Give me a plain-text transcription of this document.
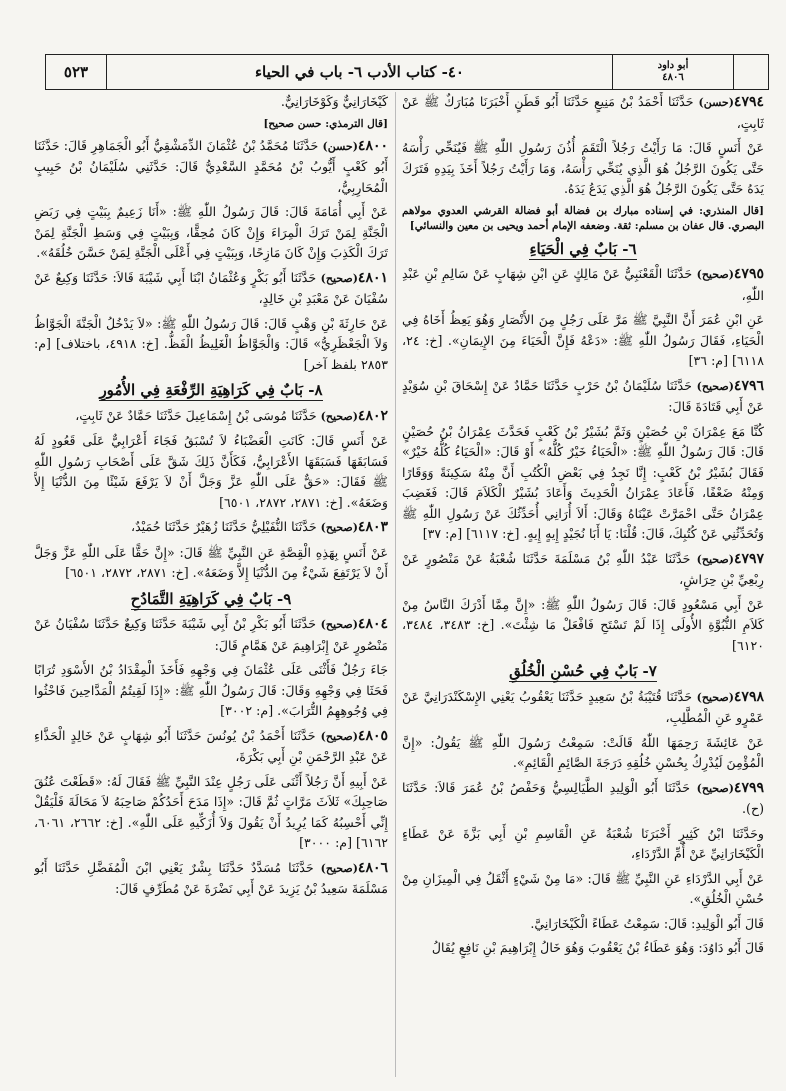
٥٢٣	٤٠- كتاب الأدب ٦- باب في الحياء	أبو داود
٤٨٠٦

٤٧٩٤(حسن) حَدَّثَنَا أَحْمَدُ بْنُ مَنِيعٍ حَدَّثَنَا أَبُو قَطَنٍ أَخْبَرَنَا مُبَارَكٌ ﷺ عَنْ ثَابِتٍ،

عَنْ أَنَسٍ قَالَ: مَا رَأَيْتُ رَجُلاً الْتَقَمَ أُذُنَ رَسُولِ اللّٰهِ ﷺ فَيُنَحِّي رَأْسَهُ حَتَّى يَكُونَ الرَّجُلُ هُوَ الَّذِي يُنَحِّي رَأْسَهُ، وَمَا رَأَيْتُ رَجُلاً أَخَذَ بِيَدِهِ فَتَرَكَ يَدَهُ حَتَّى يَكُونَ الرَّجُلُ هُوَ الَّذِي يَدَعُ يَدَهُ.

[قال المنذري: في إسناده مبارك بن فضالة أبو فضالة القرشي العدوي مولاهم البصري. قال عفان بن مسلم: ثقة. وضعفه الإمام أحمد ويحيى بن معين والنسائي]
٦- بَابٌ فِي الْحَيَاءِ

٤٧٩٥(صحيح) حَدَّثَنَا الْقَعْنَبِيُّ عَنْ مَالِكٍ عَنِ ابْنِ شِهَابٍ عَنْ سَالِمِ بْنِ عَبْدِ اللّٰهِ،

عَنِ ابْنِ عُمَرَ أَنَّ النَّبِيَّ ﷺ مَرَّ عَلَى رَجُلٍ مِنَ الأَنْصَارِ وَهُوَ يَعِظُ أَخَاهُ فِي الْحَيَاءِ، فَقَالَ رَسُولُ اللّٰهِ ﷺ: «دَعْهُ فَإِنَّ الْحَيَاءَ مِنَ الإِيمَانِ». [خ: ٢٤، ٦١١٨] [م: ٣٦]

٤٧٩٦(صحيح) حَدَّثَنَا سُلَيْمَانُ بْنُ حَرْبٍ حَدَّثَنَا حَمَّادٌ عَنْ إِسْحَاقَ بْنِ سُوَيْدٍ عَنْ أَبِي قَتَادَةَ قَالَ:

كُنَّا مَعَ عِمْرَانَ بْنِ حُصَيْنٍ وَثَمَّ بُشَيْرُ بْنُ كَعْبٍ فَحَدَّثَ عِمْرَانُ بْنُ حُصَيْنٍ قَالَ: قَالَ رَسُولُ اللّٰهِ ﷺ: «الْحَيَاءُ خَيْرٌ كُلُّهُ» أَوْ قَالَ: «الْحَيَاءُ كُلُّهُ خَيْرٌ» فَقَالَ بُشَيْرُ بْنُ كَعْبٍ: إِنَّا نَجِدُ فِي بَعْضِ الْكُتُبِ أَنَّ مِنْهُ سَكِينَةً وَوَقَارًا وَمِنْهُ ضَعْفًا، فَأَعَادَ عِمْرَانُ الْحَدِيثَ وَأَعَادَ بُشَيْرٌ الْكَلاَمَ قَالَ: فَغَضِبَ عِمْرَانُ حَتَّى احْمَرَّتْ عَيْنَاهُ وَقَالَ: أَلاَ أُرَانِي أُحَدِّثُكَ عَنْ رَسُولِ اللّٰهِ ﷺ وَتُحَدِّثُنِي عَنْ كُتُبِكَ، قَالَ: قُلْنَا: يَا أَبَا نُجَيْدٍ إِيهٍ إِيهٍ. [خ: ٦١١٧] [م: ٣٧]

٤٧٩٧(صحيح) حَدَّثَنَا عَبْدُ اللّٰهِ بْنُ مَسْلَمَةَ حَدَّثَنَا شُعْبَةُ عَنْ مَنْصُورٍ عَنْ رِبْعِيِّ بْنِ حِرَاشٍ،

عَنْ أَبِي مَسْعُودٍ قَالَ: قَالَ رَسُولُ اللّٰهِ ﷺ: «إِنَّ مِمَّا أَدْرَكَ النَّاسُ مِنْ كَلاَمِ النُّبُوَّةِ الأُولَى إِذَا لَمْ تَسْتَحِ فَافْعَلْ مَا شِئْتَ». [خ: ٣٤٨٣، ٣٤٨٤، ٦١٢٠]

٧- بَابٌ فِي حُسْنِ الْخُلُقِ

٤٧٩٨(صحيح) حَدَّثَنَا قُتَيْبَةُ بْنُ سَعِيدٍ حَدَّثَنَا يَعْقُوبُ يَعْنِي الإِسْكَنْدَرَانِيَّ عَنْ عَمْرٍو عَنِ الْمُطَّلِبِ،

عَنْ عَائِشَةَ رَحِمَهَا اللّٰهُ قَالَتْ: سَمِعْتُ رَسُولَ اللّٰهِ ﷺ يَقُولُ: «إِنَّ الْمُؤْمِنَ لَيُدْرِكُ بِحُسْنِ خُلُقِهِ دَرَجَةَ الصَّائِمِ الْقَائِمِ».

٤٧٩٩(صحيح) حَدَّثَنَا أَبُو الْوَلِيدِ الطَّيَالِسِيُّ وَحَفْصُ بْنُ عُمَرَ قَالاَ: حَدَّثَنَا (ح).

وحَدَّثَنَا ابْنُ كَثِيرٍ أَخْبَرَنَا شُعْبَةُ عَنِ الْقَاسِمِ بْنِ أَبِي بَزَّةَ عَنْ عَطَاءٍ الْكَيْخَارَانِيِّ عَنْ أُمِّ الدَّرْدَاءِ،

عَنْ أَبِي الدَّرْدَاءِ عَنِ النَّبِيِّ ﷺ قَالَ: «مَا مِنْ شَيْءٍ أَثْقَلُ فِي الْمِيزَانِ مِنْ حُسْنِ الْخُلُقِ».

قَالَ أَبُو الْوَلِيدِ: قَالَ: سَمِعْتُ عَطَاءً الْكَيْخَارَانِيَّ.

قَالَ أَبُو دَاوُدَ: وَهُوَ عَطَاءُ بْنُ يَعْقُوبَ وَهُوَ خَالُ إِبْرَاهِيمَ بْنِ نَافِعٍ يُقَالُ

كَيْخَارَانِيٌّ وَكَوْخَارَانِيٌّ.

[قال الترمذي: حسن صحيح]

٤٨٠٠(حسن) حَدَّثَنَا مُحَمَّدُ بْنُ عُثْمَانَ الدِّمَشْقِيُّ أَبُو الْجَمَاهِرِ قَالَ: حَدَّثَنَا أَبُو كَعْبٍ أَيُّوبُ بْنُ مُحَمَّدٍ السَّعْدِيُّ قَالَ: حَدَّثَنِي سُلَيْمَانُ بْنُ حَبِيبٍ الْمُحَارِبِيُّ،

عَنْ أَبِي أُمَامَةَ قَالَ: قَالَ رَسُولُ اللّٰهِ ﷺ: «أَنَا زَعِيمٌ بِبَيْتٍ فِي رَبَضِ الْجَنَّةِ لِمَنْ تَرَكَ الْمِرَاءَ وَإِنْ كَانَ مُحِقًّا، وَبِبَيْتٍ فِي وَسَطِ الْجَنَّةِ لِمَنْ تَرَكَ الْكَذِبَ وَإِنْ كَانَ مَازِحًا، وَبِبَيْتٍ فِي أَعْلَى الْجَنَّةِ لِمَنْ حَسَّنَ خُلُقَهُ».

٤٨٠١(صحيح) حَدَّثَنَا أَبُو بَكْرٍ وَعُثْمَانُ ابْنَا أَبِي شَيْبَةَ قَالاَ: حَدَّثَنَا وَكِيعٌ عَنْ سُفْيَانَ عَنْ مَعْبَدِ بْنِ خَالِدٍ،

عَنْ حَارِثَةَ بْنِ وَهْبٍ قَالَ: قَالَ رَسُولُ اللّٰهِ ﷺ: «لاَ يَدْخُلُ الْجَنَّةَ الْجَوَّاظُ وَلاَ الْجَعْظَرِيُّ» قَالَ: وَالْجَوَّاظُ الْغَلِيظُ الْفَظُّ. [خ: ٤٩١٨، باختلاف] [م: ٢٨٥٣ بلفظ آخر]

٨- بَابٌ فِي كَرَاهِيَةِ الرِّفْعَةِ فِي الأُمُورِ

٤٨٠٢(صحيح) حَدَّثَنَا مُوسَى بْنُ إِسْمَاعِيلَ حَدَّثَنَا حَمَّادٌ عَنْ ثَابِتٍ،

عَنْ أَنَسٍ قَالَ: كَانَتِ الْعَضْبَاءُ لاَ تُسْبَقُ فَجَاءَ أَعْرَابِيٌّ عَلَى قَعُودٍ لَهُ فَسَابَقَهَا فَسَبَقَهَا الأَعْرَابِيُّ، فَكَأَنَّ ذَلِكَ شَقَّ عَلَى أَصْحَابِ رَسُولِ اللّٰهِ ﷺ فَقَالَ: «حَقٌّ عَلَى اللّٰهِ عَزَّ وَجَلَّ أَنْ لاَ يَرْفَعَ شَيْئًا مِنَ الدُّنْيَا إِلاَّ وَضَعَهُ». [خ: ٢٨٧١، ٢٨٧٢، ٦٥٠١]

٤٨٠٣(صحيح) حَدَّثَنَا النُّفَيْلِيُّ حَدَّثَنَا زُهَيْرٌ حَدَّثَنَا حُمَيْدٌ،

عَنْ أَنَسٍ بِهَذِهِ الْقِصَّةِ عَنِ النَّبِيِّ ﷺ قَالَ: «إِنَّ حَقًّا عَلَى اللّٰهِ عَزَّ وَجَلَّ أَنْ لاَ يَرْتَفِعَ شَيْءٌ مِنَ الدُّنْيَا إِلاَّ وَضَعَهُ». [خ: ٢٨٧١، ٢٨٧٢، ٦٥٠١]

٩- بَابٌ فِي كَرَاهِيَةِ التَّمَادُحِ

٤٨٠٤(صحيح) حَدَّثَنَا أَبُو بَكْرِ بْنُ أَبِي شَيْبَةَ حَدَّثَنَا وَكِيعٌ حَدَّثَنَا سُفْيَانُ عَنْ مَنْصُورٍ عَنْ إِبْرَاهِيمَ عَنْ هَمَّامٍ قَالَ:

جَاءَ رَجُلٌ فَأَثْنَى عَلَى عُثْمَانَ فِي وَجْهِهِ فَأَخَذَ الْمِقْدَادُ بْنُ الأَسْوَدِ تُرَابًا فَحَثَا فِي وَجْهِهِ وَقَالَ: قَالَ رَسُولُ اللّٰهِ ﷺ: «إِذَا لَقِيتُمُ الْمَدَّاحِينَ فَاحْثُوا فِي وُجُوهِهِمُ التُّرَابَ». [م: ٣٠٠٢]

٤٨٠٥(صحيح) حَدَّثَنَا أَحْمَدُ بْنُ يُونُسَ حَدَّثَنَا أَبُو شِهَابٍ عَنْ خَالِدٍ الْحَذَّاءِ عَنْ عَبْدِ الرَّحْمَنِ بْنِ أَبِي بَكْرَةَ،

عَنْ أَبِيهِ أَنَّ رَجُلاً أَثْنَى عَلَى رَجُلٍ عِنْدَ النَّبِيِّ ﷺ فَقَالَ لَهُ: «قَطَعْتَ عُنُقَ صَاحِبِكَ» ثَلاَثَ مَرَّاتٍ ثُمَّ قَالَ: «إِذَا مَدَحَ أَحَدُكُمْ صَاحِبَهُ لاَ مَحَالَةَ فَلْيَقُلْ إِنِّي أَحْسِبُهُ كَمَا يُرِيدُ أَنْ يَقُولَ وَلاَ أُزَكِّيهِ عَلَى اللّٰهِ». [خ: ٢٦٦٢، ٦٠٦١، ٦١٦٢] [م: ٣٠٠٠]

٤٨٠٦(صحيح) حَدَّثَنَا مُسَدَّدٌ حَدَّثَنَا بِشْرٌ يَعْنِي ابْنَ الْمُفَضَّلِ حَدَّثَنَا أَبُو مَسْلَمَةَ سَعِيدُ بْنُ يَزِيدَ عَنْ أَبِي نَضْرَةَ عَنْ مُطَرِّفٍ قَالَ:
